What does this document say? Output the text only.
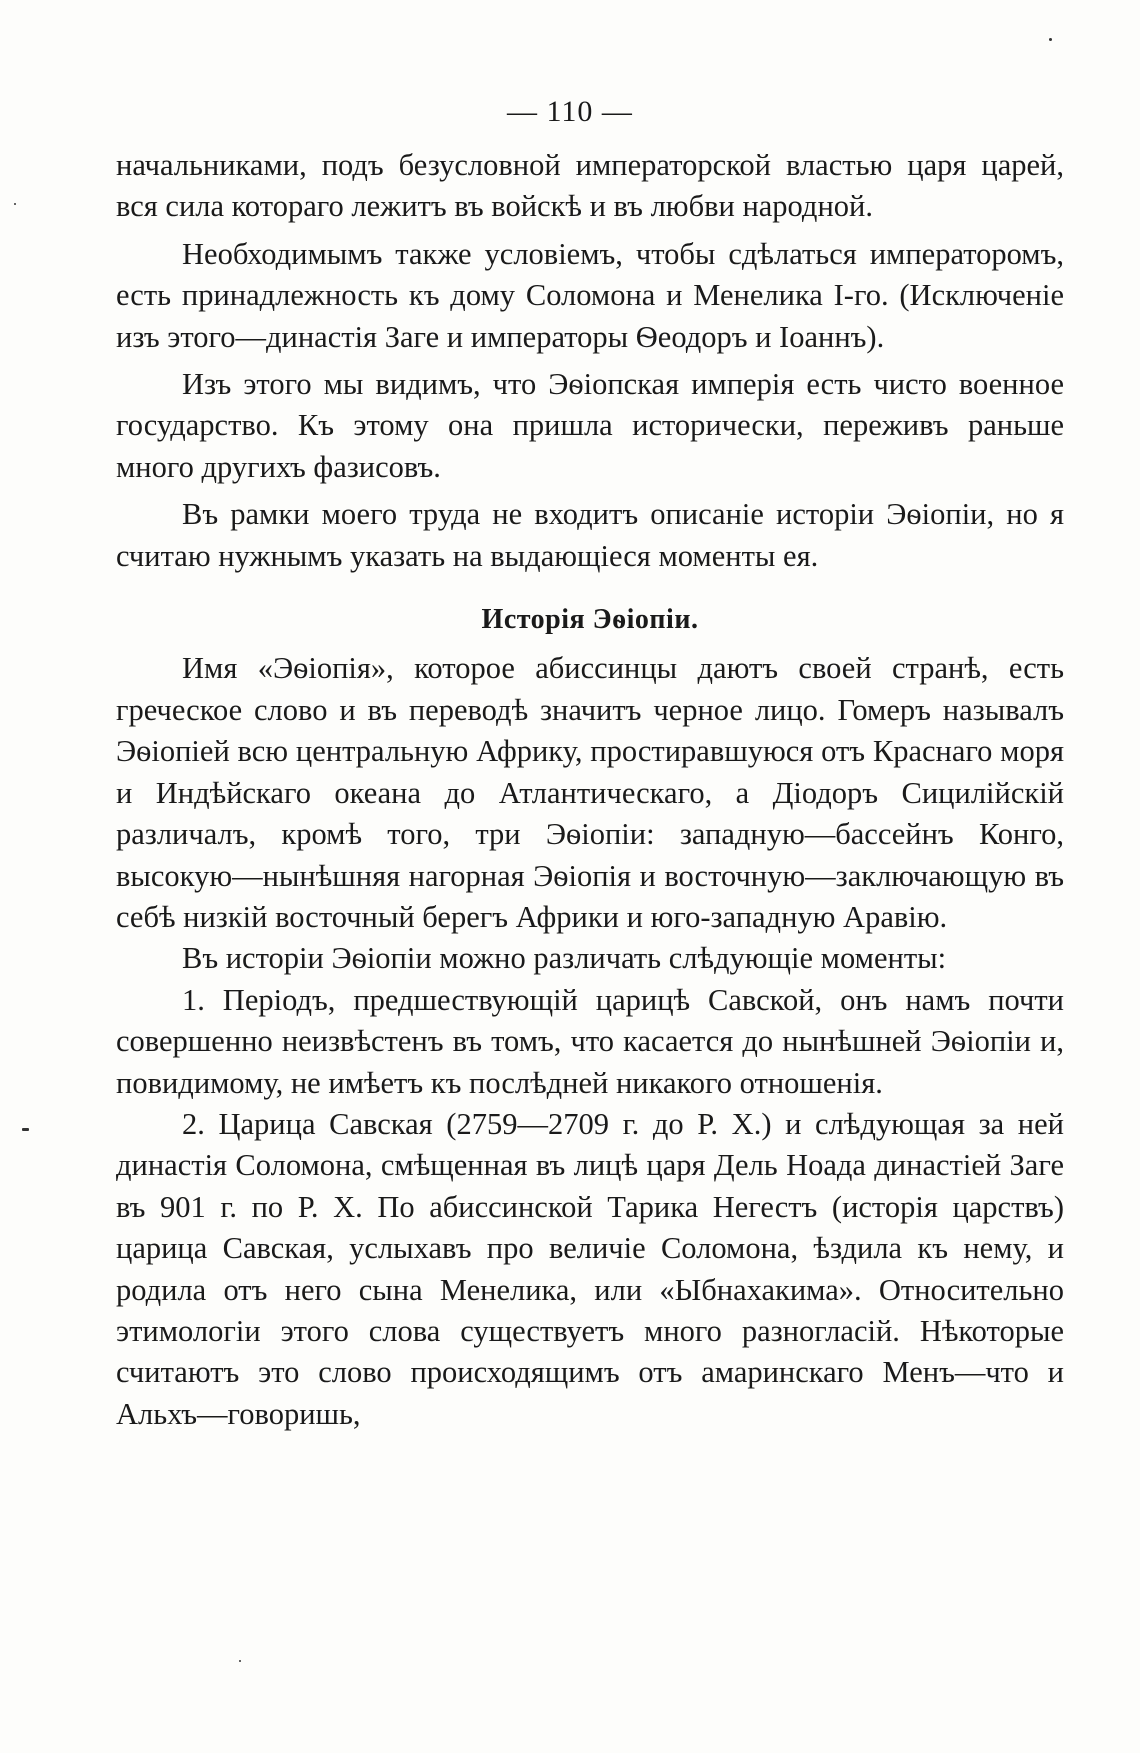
— 110 —

начальниками, подъ безусловной императорской властью царя царей, вся сила котораго лежитъ въ войскѣ и въ любви народной.

Необходимымъ также условіемъ, чтобы сдѣлаться императоромъ, есть принадлежность къ дому Соломона и Менелика І-го. (Исключеніе изъ этого—династія Заге и императоры Ѳеодоръ и Іоаннъ).

Изъ этого мы видимъ, что Эѳіопская имперія есть чисто военное государство. Къ этому она пришла исторически, переживъ раньше много другихъ фазисовъ.

Въ рамки моего труда не входитъ описаніе исторіи Эѳіопіи, но я считаю нужнымъ указать на выдающіеся моменты ея.

Исторія Эѳіопіи.

Имя «Эѳіопія», которое абиссинцы даютъ своей странѣ, есть греческое слово и въ переводѣ значитъ черное лицо. Гомеръ называлъ Эѳіопіей всю центральную Африку, простиравшуюся отъ Краснаго моря и Индѣйскаго океана до Атлантическаго, а Діодоръ Сицилійскій различалъ, кромѣ того, три Эѳіопіи: западную—бассейнъ Конго, высокую—нынѣшняя нагорная Эѳіопія и восточную—заключающую въ себѣ низкій восточный берегъ Африки и юго-западную Аравію.

Въ исторіи Эѳіопіи можно различать слѣдующіе моменты:

1. Періодъ, предшествующій царицѣ Савской, онъ намъ почти совершенно неизвѣстенъ въ томъ, что касается до нынѣшней Эѳіопіи и, повидимому, не имѣетъ къ послѣдней никакого отношенія.

2. Царица Савская (2759—2709 г. до Р. Х.) и слѣдующая за ней династія Соломона, смѣщенная въ лицѣ царя Дель Ноада династіей Заге въ 901 г. по Р. Х. По абиссинской Тарика Негестъ (исторія царствъ) царица Савская, услыхавъ про величіе Соломона, ѣздила къ нему, и родила отъ него сына Менелика, или «Ыбнахакима». Относительно этимологіи этого слова существуетъ много разногласій. Нѣкоторые считаютъ это слово происходящимъ отъ амаринскаго Менъ—что и Альхъ—говоришь,
